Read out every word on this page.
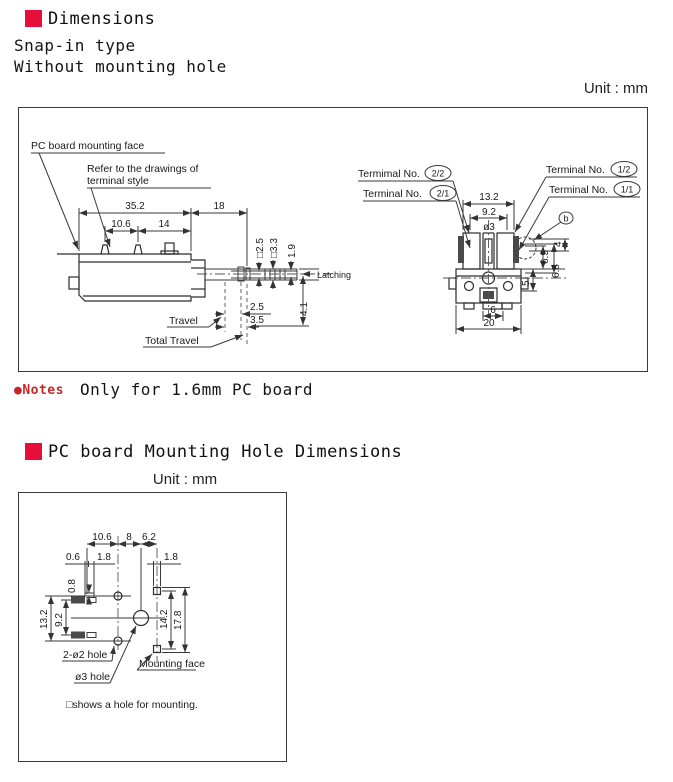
Dimensions
Snap-in type
Without mounting hole
Unit : mm
PC board mounting face
Refer to the drawings of
terminal style
35.2	18
10.6	14
□2.5 □3.3 1.9
Latching
4.1
2.5
3.5
Travel
Total Travel
13.2
9.2
ø3
Termimal No. 2/2
Terminal No. 2/1
Terminal No. 1/2
Terminal No. 1/1
b
4
6.5
6.8
5
6
20
●Notes Only for 1.6mm PC board
PC board Mounting Hole Dimensions
Unit : mm
10.6 8 6.2
0.6 1.8	1.8
0.8
13.2 9.2	14.2 17.8
2-ø2 hole
ø3 hole
Mounting face
□shows a hole for mounting.
